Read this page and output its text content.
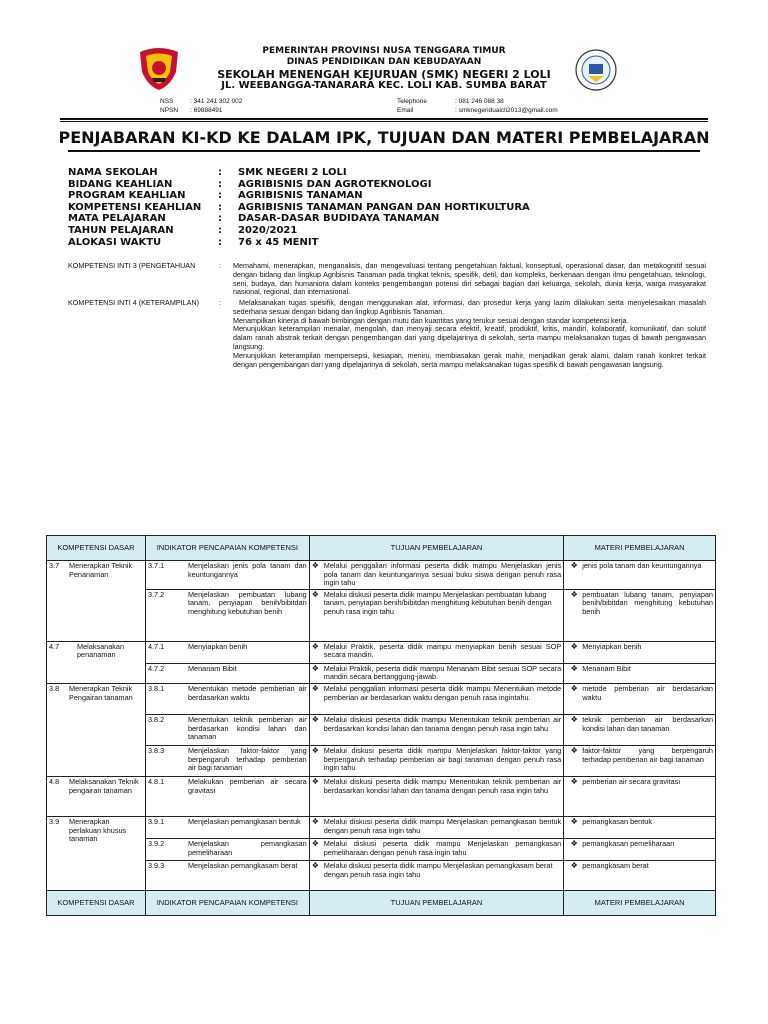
PEMERINTAH PROVINSI NUSA TENGGARA TIMUR
DINAS PENDIDIKAN DAN KEBUDAYAAN
SEKOLAH MENENGAH KEJURUAN (SMK) NEGERI 2 LOLI
JL. WEEBANGGA-TANARARA KEC. LOLI KAB. SUMBA BARAT
NSS	: 341 241 302 002
NPSN : 69888491
Telephone	: 081 246 088 38
Email	: smknegeriduaicli2013@gmail.com
PENJABARAN KI-KD KE DALAM IPK, TUJUAN DAN MATERI PEMBELAJARAN
NAMA SEKOLAH	:	SMK NEGERI 2 LOLI
BIDANG KEAHLIAN	:	AGRIBISNIS DAN AGROTEKNOLOGI
PROGRAM KEAHLIAN	:	AGRIBISNIS TANAMAN
KOMPETENSI KEAHLIAN	:	AGRIBISNIS TANAMAN PANGAN DAN HORTIKULTURA
MATA PELAJARAN	:	DASAR-DASAR BUDIDAYA TANAMAN
TAHUN PELAJARAN	:	2020/2021
ALOKASI WAKTU	:	76 x 45 MENIT
KOMPETENSI INTI 3 (PENGETAHUAN	: Memahami, menerapkan, menganalisis, dan mengevaluasi tentang pengetahuan faktual, konseptual, operasional dasar, dan metakognitif sesuai dengan bidang dan lingkup Agribisnis Tanaman pada tingkat teknis, spesifik, detil, dan kompleks, berkenaan dengan ilmu pengetahuan, teknologi, seni, budaya, dan humaniora dalam konteks pengembangan potensi diri sebagai bagian dari keluarga, sekolah, dunia kerja, warga masyarakat nasional, regional, dan internasional.
KOMPETENSI INTI 4 (KETERAMPILAN)	:	Melaksanakan tugas spesifik, dengan menggunakan alat, informasi, dan prosedur kerja yang lazim dilakukan serta menyelesaikan masalah sederhana sesuai dengan bidang dan lingkup Agribisnis Tanaman.
Menampilkan kinerja di bawah bimbingan dengan mutu dan kuantitas yang terukur sesuai dengan standar kompetensi kerja.
Menunjukkan keterampilan menalar, mengolah, dan menyaji secara efektif, kreatif, produktif, kritis, mandiri, kolaboratif, komunikatif, dan solutif dalam ranah abstrak terkait dengan pengembangan dari yang dipelajarinya di sekolah, serta mampu melaksanakan tugas di bawah pengawasan langsung.
Menunjukkan keterampilan mempersepsi, kesiapan, meniru, membiasakan gerak mahir, menjadikan gerak alami, dalam ranah konkret terkait dengan pengembangan dari yang dipelajarinya di sekolah, serta mampu melaksanakan tugas spesifik di bawah pengawasan langsung.
KOMPETENSI DASAR	INDIKATOR PENCAPAIAN KOMPETENSI	TUJUAN PEMBELAJARAN	MATERI PEMBELAJARAN

3.7 Menerapkan Teknik Penanaman	3.7.1 Menjelaskan jenis pola tanam dan keuntungannya	❖ Melalui penggalian informasi peserta didik mampu Menjelaskan jenis pola tanam dan keuntungannya sesuai buku siswa dengan penuh rasa ingin tahu	❖ jenis pola tanam dan keuntungannya

	3.7.2 Menjelaskan pembuatan lubang tanam, penyiapan benih/bibitdan menghitung kebutuhan benih	❖ Melalui diskusi peserta didik mampu Menjelaskan pembuatan lubang tanam, penyiapan benih/bibitdan menghitung kebutuhan benih dengan penuh rasa ingin tahu	❖ pembuatan lubang tanam, penyiapan benih/bibitdan menghitung kebutuhan benih

4.7 Melaksanakan penanaman	4.7.1 Menyiapkan benih	❖ Melalui Praktik, peserta didik mampu menyiapkan benih sesuai SOP secara mandiri.	❖ Menyiapkan benih

	4.7.2 Menanam Bibit	❖ Melalui Praktik, peserta didik mampu Menanam Bibit sesuai SOP secara mandiri secara bertanggung-jawab.	❖ Menanam Bibit

3.8 Menerapkan Teknik Pengairan tanaman	3.8.1 Menentukan metode pemberian air berdasarkan waktu	❖ Melalui penggalian informasi peserta didik mampu Menentukan metode pemberian air berdasarkan waktu dengan penuh rasa ingintahu.	❖ metode pemberian air berdasarkan waktu

	3.8.2 Menentukan teknik pemberian air berdasarkan kondisi lahan dan tanaman	❖ Melalui diskusi peserta didik mampu Menentukan teknik pemberian air berdasarkan kondisi lahan dan tanama dengan penuh rasa ingin tahu	❖ teknik pemberian air berdasarkan kondisi lahan dan tanaman

	3.8.3 Menjelaskan faktor-faktor yang berpengaruh terhadap pemberian air bagi tanaman	❖ Melalui diskusi peserta didik mampu Menjelaskan faktor-faktor yang berpengaruh terhadap pemberian air bagi tanaman dengan penuh rasa ingin tahu	❖ faktor-faktor yang berpengaruh terhadap pemberian air bagi tanaman

4.8 Melaksanakan Teknik pengairan tanaman	4.8.1 Melakukan pemberian air secara gravitasi	❖ Melalui diskusi peserta didik mampu Menentukan teknik pemberian air berdasarkan kondisi lahan dan tanama dengan penuh rasa ingin tahu	❖ pemberian air secara gravitasi

3.9 Menerapkan perlakuan khusus tanaman	3.9.1 Menjelaskan pemangkasan bentuk	❖ Melalui diskusi peserta didik mampu Menjelaskan pemangkasan bentuk dengan penuh rasa ingin tahu	❖ pemangkasan bentuk

	3.9.2 Menjelaskan pemangkasan pemeliharaan	❖ Melalui diskusi peserta didik mampu Menjelaskan pemangkasan pemeliharaan dengan penuh rasa ingin tahu	❖ pemangkasan pemeliharaan

	3.9.3 Menjelaskan pemangkasam berat	❖ Melalui diskusi peserta didik mampu Menjelaskan pemangkasam berat dengan penuh rasa ingin tahu	❖ pemangkasam berat

KOMPETENSI DASAR	INDIKATOR PENCAPAIAN KOMPETENSI	TUJUAN PEMBELAJARAN	MATERI PEMBELAJARAN
